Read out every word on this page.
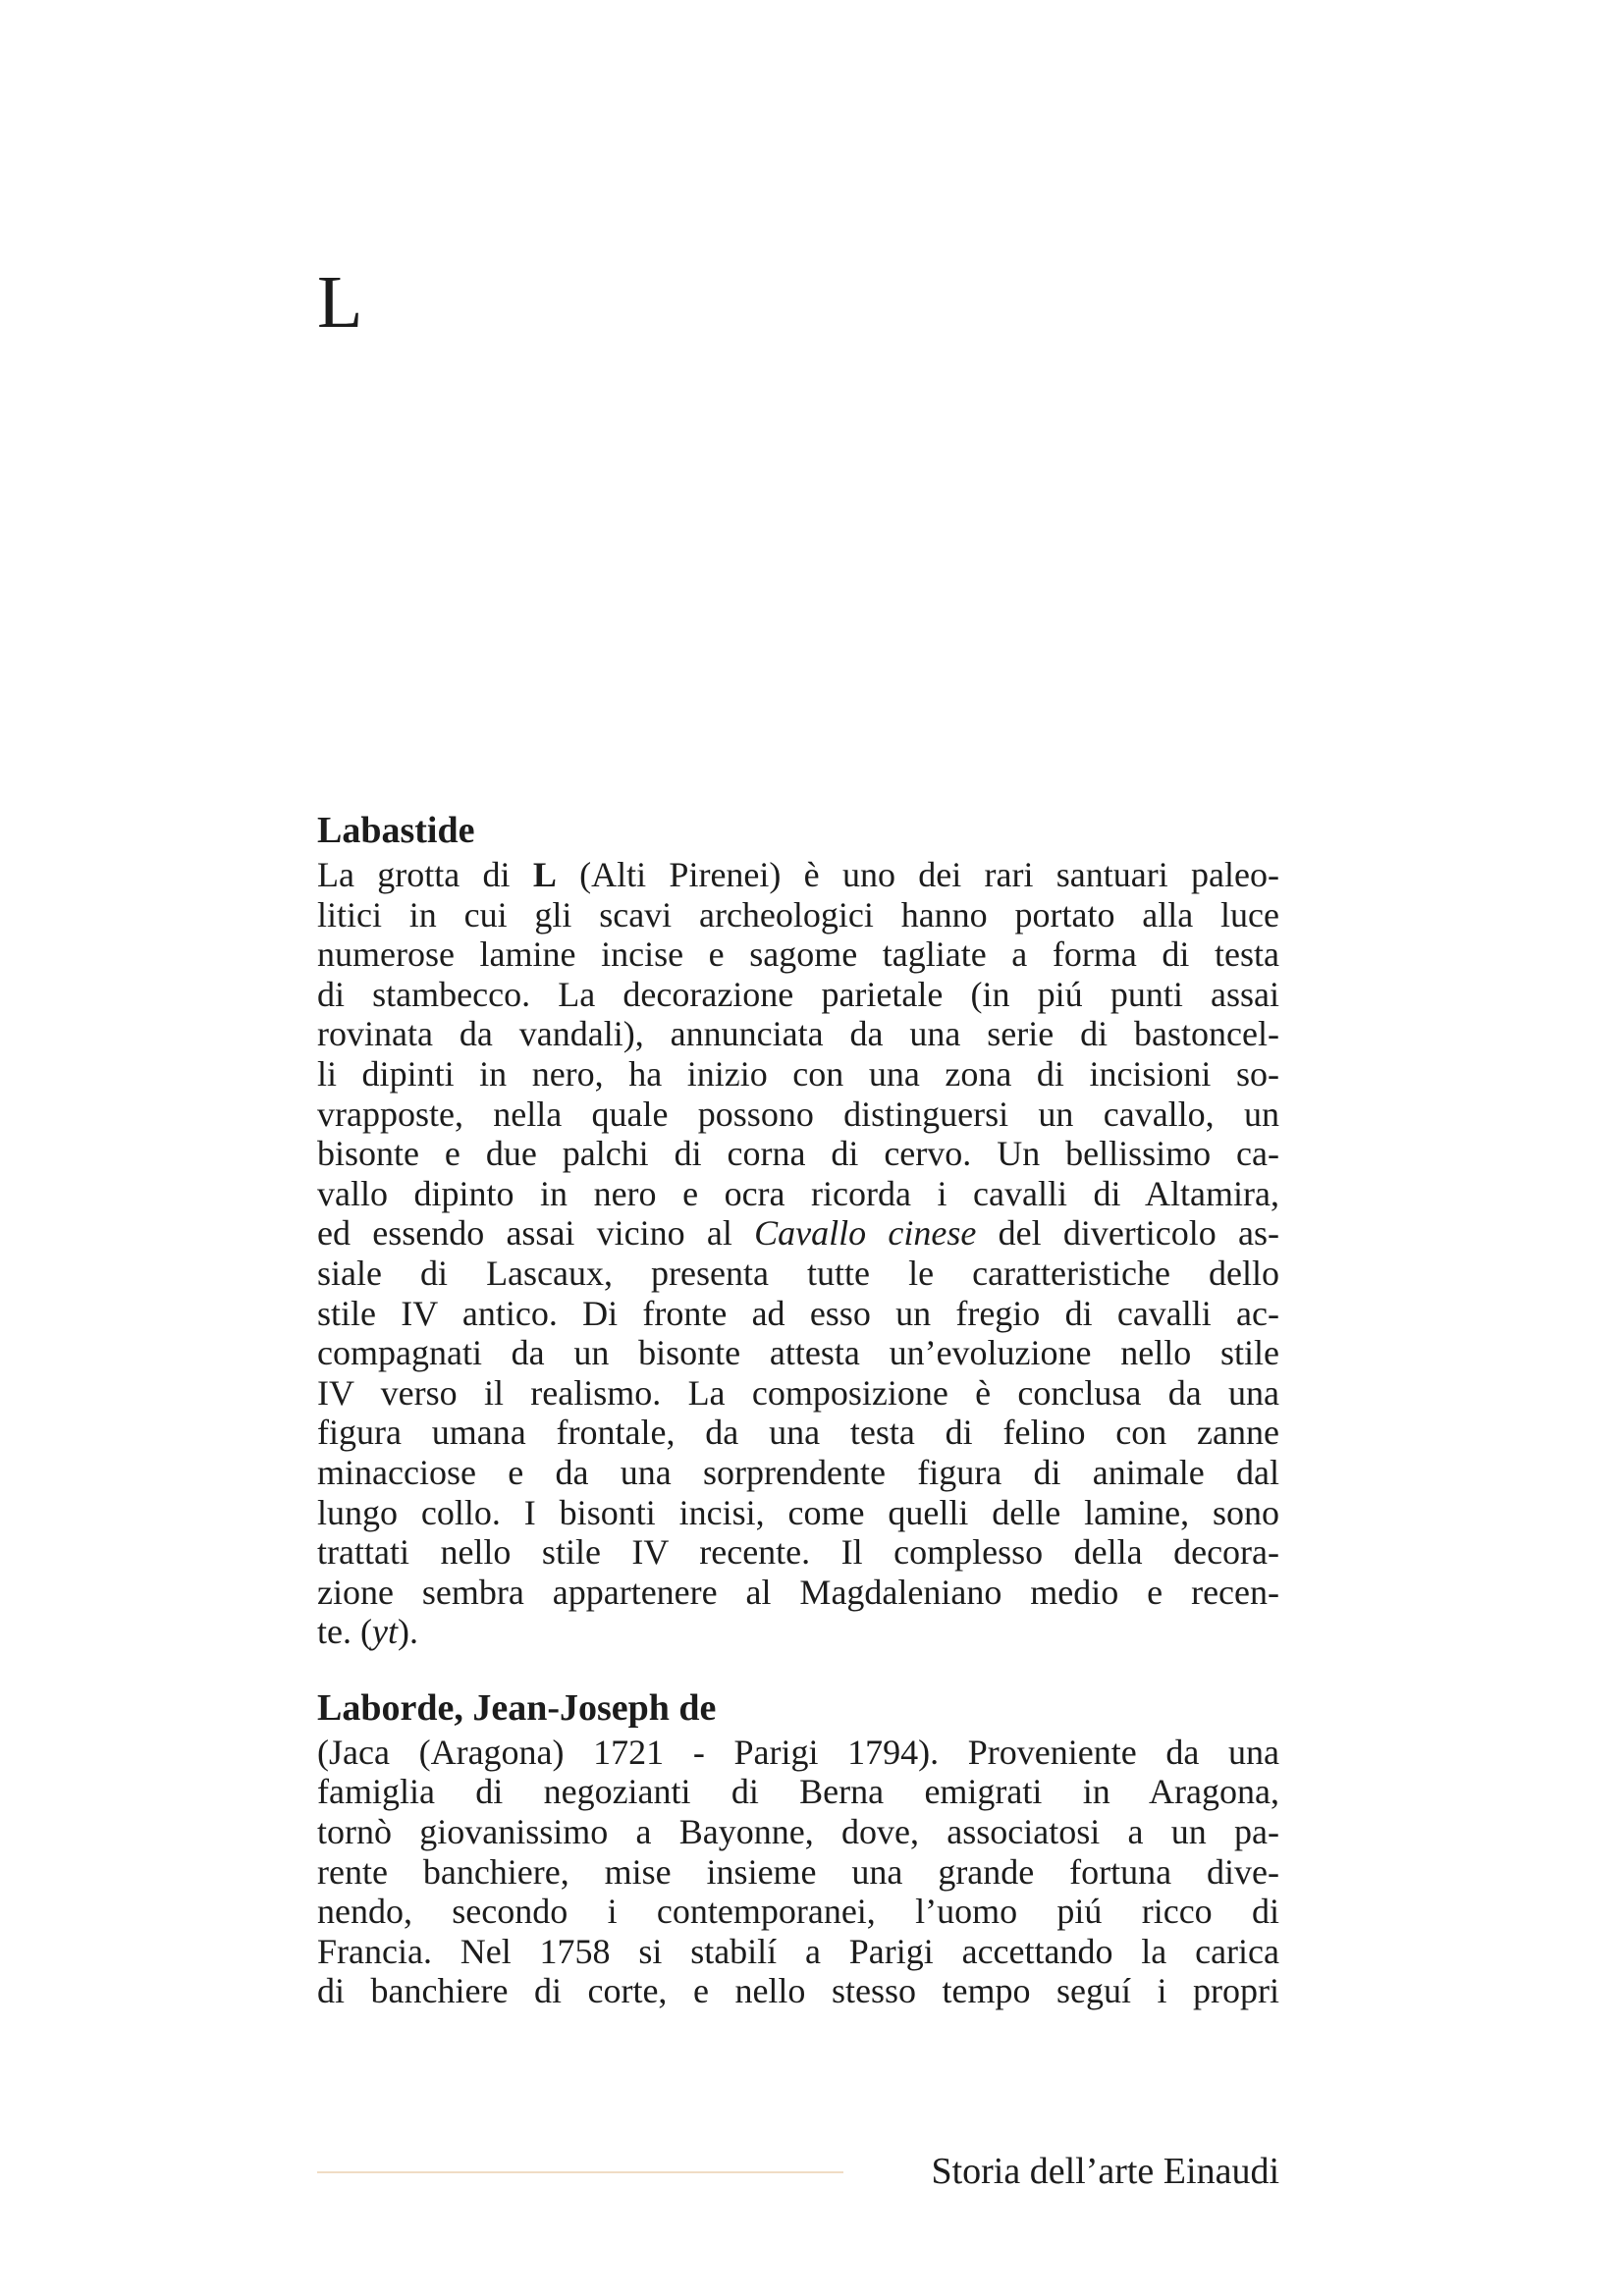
L
Labastide

La grotta di L (Alti Pirenei) è uno dei rari santuari paleo-
litici in cui gli scavi archeologici hanno portato alla luce
numerose lamine incise e sagome tagliate a forma di testa
di stambecco. La decorazione parietale (in piú punti assai
rovinata da vandali), annunciata da una serie di bastoncel-
li dipinti in nero, ha inizio con una zona di incisioni so-
vrapposte, nella quale possono distinguersi un cavallo, un
bisonte e due palchi di corna di cervo. Un bellissimo ca-
vallo dipinto in nero e ocra ricorda i cavalli di Altamira,
ed essendo assai vicino al Cavallo cinese del diverticolo as-
siale di Lascaux, presenta tutte le caratteristiche dello
stile IV antico. Di fronte ad esso un fregio di cavalli ac-
compagnati da un bisonte attesta un’evoluzione nello stile
IV verso il realismo. La composizione è conclusa da una
figura umana frontale, da una testa di felino con zanne
minacciose e da una sorprendente figura di animale dal
lungo collo. I bisonti incisi, come quelli delle lamine, sono
trattati nello stile IV recente. Il complesso della decora-
zione sembra appartenere al Magdaleniano medio e recen-
te. (yt).

Laborde, Jean-Joseph de

(Jaca (Aragona) 1721 - Parigi 1794). Proveniente da una
famiglia di negozianti di Berna emigrati in Aragona,
tornò giovanissimo a Bayonne, dove, associatosi a un pa-
rente banchiere, mise insieme una grande fortuna dive-
nendo, secondo i contemporanei, l’uomo piú ricco di
Francia. Nel 1758 si stabilí a Parigi accettando la carica
di banchiere di corte, e nello stesso tempo seguí i propri

Storia dell’arte Einaudi
